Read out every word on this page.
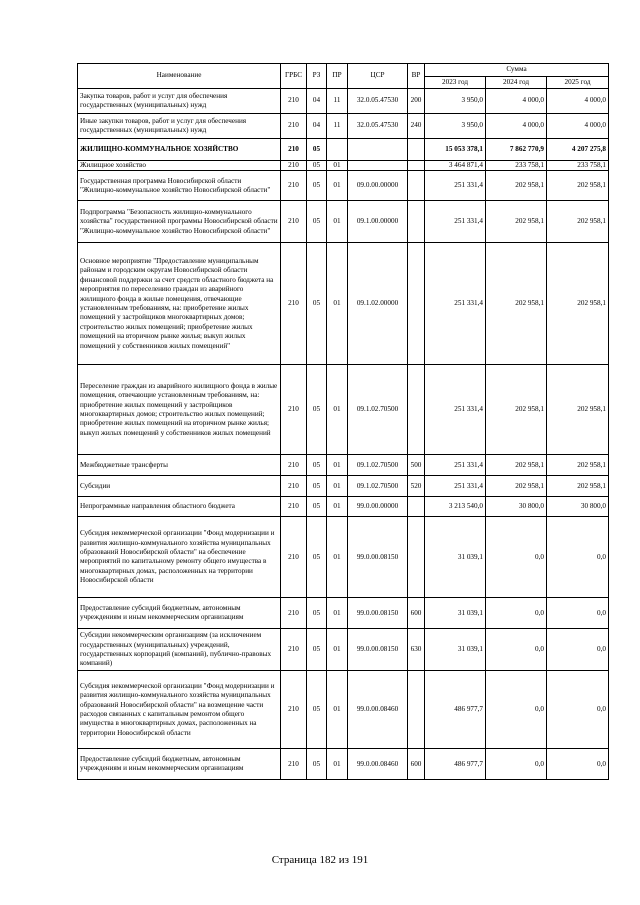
Наименование	ГРБС	РЗ	ПР	ЦСР	ВР	Сумма		
						2023 год	2024 год	2025 год
Закупка товаров, работ и услуг для обеспечения государственных (муниципальных) нужд	210	04	11	32.0.05.47530	200	3 950,0	4 000,0	4 000,0
Иные закупки товаров, работ и услуг для обеспечения государственных (муниципальных) нужд	210	04	11	32.0.05.47530	240	3 950,0	4 000,0	4 000,0
ЖИЛИЩНО-КОММУНАЛЬНОЕ ХОЗЯЙСТВО	210	05				15 053 378,1	7 862 770,9	4 207 275,8
Жилищное хозяйство	210	05	01			3 464 871,4	233 758,1	233 758,1
Государственная программа Новосибирской области "Жилищно-коммунальное хозяйство Новосибирской области"	210	05	01	09.0.00.00000		251 331,4	202 958,1	202 958,1
Подпрограмма "Безопасность жилищно-коммунального хозяйства" государственной программы Новосибирской области "Жилищно-коммунальное хозяйство Новосибирской области"	210	05	01	09.1.00.00000		251 331,4	202 958,1	202 958,1
Основное мероприятие "Предоставление муниципальным районам и городским округам Новосибирской области финансовой поддержки за счет средств областного бюджета на мероприятия по переселению граждан из аварийного жилищного фонда в жилые помещения, отвечающие установленным требованиям, на: приобретение жилых помещений у застройщиков многоквартирных домов; строительство жилых помещений; приобретение жилых помещений на вторичном рынке жилья; выкуп жилых помещений у собственников жилых помещений"	210	05	01	09.1.02.00000		251 331,4	202 958,1	202 958,1
Переселение граждан из аварийного жилищного фонда в жилые помещения, отвечающие установленным требованиям, на: приобретение жилых помещений у застройщиков многоквартирных домов; строительство жилых помещений; приобретение жилых помещений на вторичном рынке жилья; выкуп жилых помещений у собственников жилых помещений	210	05	01	09.1.02.70500		251 331,4	202 958,1	202 958,1
Межбюджетные трансферты	210	05	01	09.1.02.70500	500	251 331,4	202 958,1	202 958,1
Субсидии	210	05	01	09.1.02.70500	520	251 331,4	202 958,1	202 958,1
Непрограммные направления областного бюджета	210	05	01	99.0.00.00000		3 213 540,0	30 800,0	30 800,0
Субсидия некоммерческой организации "Фонд модернизации и развития жилищно-коммунального хозяйства муниципальных образований Новосибирской области" на обеспечение мероприятий по капитальному ремонту общего имущества в многоквартирных домах, расположенных на территории Новосибирской области	210	05	01	99.0.00.08150		31 039,1	0,0	0,0
Предоставление субсидий бюджетным, автономным учреждениям и иным некоммерческим организациям	210	05	01	99.0.00.08150	600	31 039,1	0,0	0,0
Субсидии некоммерческим организациям (за исключением государственных (муниципальных) учреждений, государственных корпораций (компаний), публично-правовых компаний)	210	05	01	99.0.00.08150	630	31 039,1	0,0	0,0
Субсидия некоммерческой организации "Фонд модернизации и развития жилищно-коммунального хозяйства муниципальных образований Новосибирской области" на возмещение части расходов связанных с капитальным ремонтом общего имущества в многоквартирных домах, расположенных на территории Новосибирской области	210	05	01	99.0.00.08460		486 977,7	0,0	0,0
Предоставление субсидий бюджетным, автономным учреждениям и иным некоммерческим организациям	210	05	01	99.0.00.08460	600	486 977,7	0,0	0,0
Страница 182 из 191
